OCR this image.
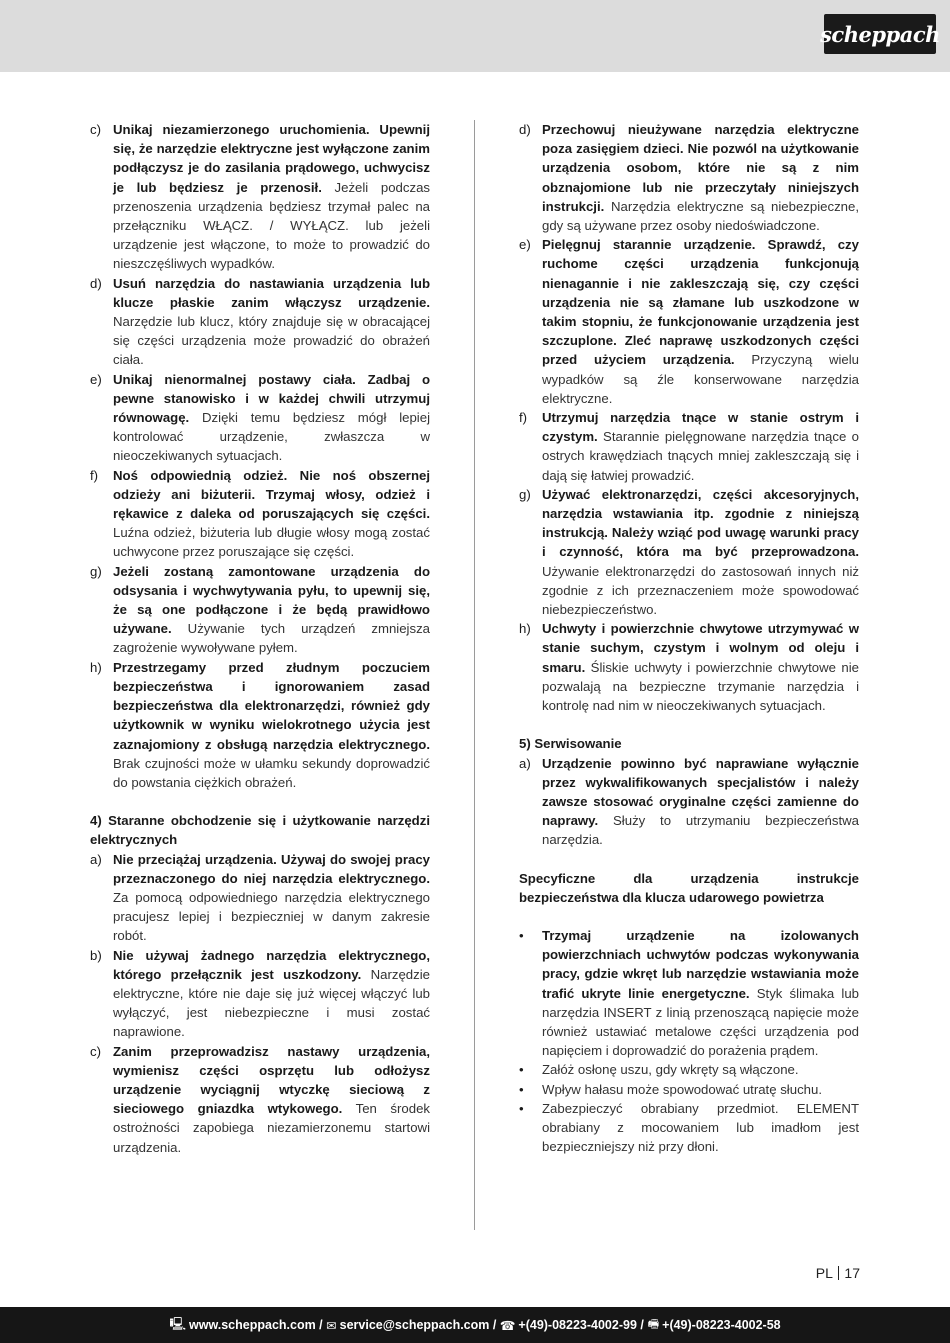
scheppach
c) Unikaj niezamierzonego uruchomienia. Upewnij się, że narzędzie elektryczne jest wyłączone zanim podłączysz je do zasilania prądowego, uchwycisz je lub będziesz je przenosił. Jeżeli podczas przenoszenia urządzenia będziesz trzymał palec na przełączniku WŁĄCZ. / WYŁĄCZ. lub jeżeli urządzenie jest włączone, to może to prowadzić do nieszczęśliwych wypadków.
d) Usuń narzędzia do nastawiania urządzenia lub klucze płaskie zanim włączysz urządzenie. Narzędzie lub klucz, który znajduje się w obracającej się części urządzenia może prowadzić do obrażeń ciała.
e) Unikaj nienormalnej postawy ciała. Zadbaj o pewne stanowisko i w każdej chwili utrzymuj równowagę. Dzięki temu będziesz mógł lepiej kontrolować urządzenie, zwłaszcza w nieoczekiwanych sytuacjach.
f)	Noś odpowiednią odzież. Nie noś obszernej odzieży ani biżuterii. Trzymaj włosy, odzież i rękawice z daleka od poruszających się części. Luźna odzież, biżuteria lub długie włosy mogą zostać uchwycone przez poruszające się części.
g) Jeżeli zostaną zamontowane urządzenia do odsysania i wychwytywania pyłu, to upewnij się, że są one podłączone i że będą prawidłowo używane. Używanie tych urządzeń zmniejsza zagrożenie wywoływane pyłem.
h) Przestrzegamy przed złudnym poczuciem bezpieczeństwa i ignorowaniem zasad bezpieczeństwa dla elektronarzędzi, również gdy użytkownik w wyniku wielokrotnego użycia jest zaznajomiony z obsługą narzędzia elektrycznego. Brak czujności może w ułamku sekundy doprowadzić do powstania ciężkich obrażeń.

4) Staranne obchodzenie się i użytkowanie narzędzi elektrycznych

a) Nie przeciążaj urządzenia. Używaj do swojej pracy przeznaczonego do niej narzędzia elektrycznego. Za pomocą odpowiedniego narzędzia elektrycznego pracujesz lepiej i bezpieczniej w danym zakresie robót.
b) Nie używaj żadnego narzędzia elektrycznego, którego przełącznik jest uszkodzony. Narzędzie elektryczne, które nie daje się już więcej włączyć lub wyłączyć, jest niebezpieczne i musi zostać naprawione.
c) Zanim przeprowadzisz nastawy urządzenia, wymienisz części osprzętu lub odłożysz urządzenie wyciągnij wtyczkę sieciową z sieciowego gniazdka wtykowego. Ten środek ostrożności zapobiega niezamierzonemu startowi urządzenia.
d) Przechowuj nieużywane narzędzia elektryczne poza zasięgiem dzieci. Nie pozwól na użytkowanie urządzenia osobom, które nie są z nim obznajomione lub nie przeczytały niniejszych instrukcji. Narzędzia elektryczne są niebezpieczne, gdy są używane przez osoby niedoświadczone.
e) Pielęgnuj starannie urządzenie. Sprawdź, czy ruchome części urządzenia funkcjonują nienagannie i nie zakleszczają się, czy części urządzenia nie są złamane lub uszkodzone w takim stopniu, że funkcjonowanie urządzenia jest szczuplone. Zleć naprawę uszkodzonych części przed użyciem urządzenia. Przyczyną wielu wypadków są źle konserwowane narzędzia elektryczne.
f)	Utrzymuj narzędzia tnące w stanie ostrym i czystym. Starannie pielęgnowane narzędzia tnące o ostrych krawędziach tnących mniej zakleszczają się i dają się łatwiej prowadzić.
g) Używać elektronarzędzi, części akcesoryjnych, narzędzia wstawiania itp. zgodnie z niniejszą instrukcją. Należy wziąć pod uwagę warunki pracy i czynność, która ma być przeprowadzona. Używanie elektronarzędzi do zastosowań innych niż zgodnie z ich przeznaczeniem może spowodować niebezpieczeństwo.
h) Uchwyty i powierzchnie chwytowe utrzymywać w stanie suchym, czystym i wolnym od oleju i smaru. Śliskie uchwyty i powierzchnie chwytowe nie pozwalają na bezpieczne trzymanie narzędzia i kontrolę nad nim w nieoczekiwanych sytuacjach.

5) Serwisowanie

a) Urządzenie powinno być naprawiane wyłącznie przez wykwalifikowanych specjalistów i należy zawsze stosować oryginalne części zamienne do naprawy. Służy to utrzymaniu bezpieczeństwa narzędzia.

Specyficzne dla urządzenia instrukcje bezpieczeństwa dla klucza udarowego powietrza

•	Trzymaj urządzenie na izolowanych powierzchniach uchwytów podczas wykonywania pracy, gdzie wkręt lub narzędzie wstawiania może trafić ukryte linie energetyczne. Styk ślimaka lub narzędzia INSERT z linią przenoszącą napięcie może również ustawiać metalowe części urządzenia pod napięciem i doprowadzić do porażenia prądem.
•	Załóż osłonę uszu, gdy wkręty są włączone.
•	Wpływ hałasu może spowodować utratę słuchu.
•	Zabezpieczyć obrabiany przedmiot. ELEMENT obrabiany z mocowaniem lub imadłom jest bezpieczniejszy niż przy dłoni.
PL 17
🖳 www.scheppach.com /
✉ service@scheppach.com /
☎ +(49)-08223-4002-99 /
🖷 +(49)-08223-4002-58
